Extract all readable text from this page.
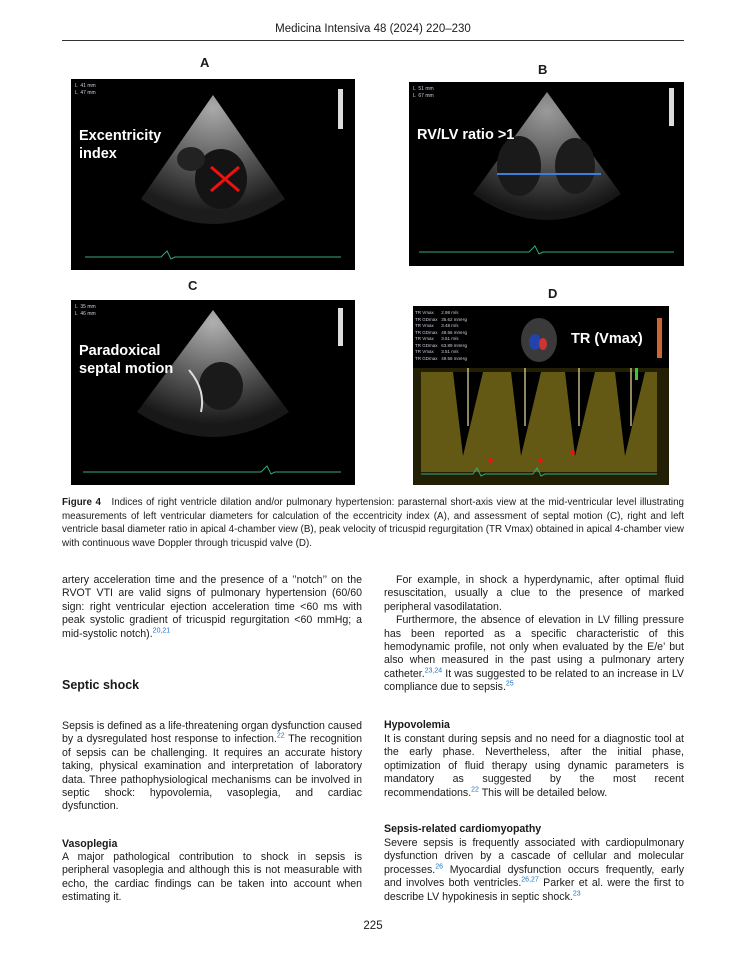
Medicina Intensiva 48 (2024) 220–230
A	B
C
D
L  41 mm
L  47 mm
Excentricity
index
L  51 mm
L  67 mm
RV/LV ratio >1
L  35 mm
L  46 mm
Paradoxical
septal motion
+	+
+
TR Vmax      2.98 m/s
TR GDmax   35.62 mmHg
TR Vmax      3.48 m/s
TR GDmax   48.56 mmHg
TR Vmax      3.51 m/s
TR GDmax   63.89 mmHg
TR Vmax      3.51 m/s
TR GDmax   49.56 mmHg
TR (Vmax)
Figure 4 Indices of right ventricle dilation and/or pulmonary hypertension: parasternal short-axis view at the mid-ventricular level illustrating measurements of left ventricular diameters for calculation of the eccentricity index (A), and assessment of septal motion (C), right and left ventricle basal diameter ratio in apical 4-chamber view (B), peak velocity of tricuspid regurgitation (TR Vmax) obtained in apical 4-chamber view with continuous wave Doppler through tricuspid valve (D).

artery acceleration time and the presence of a ’’notch’’ on the RVOT VTI are valid signs of pulmonary hypertension (60/60 sign: right ventricular ejection acceleration time <60 ms with peak systolic gradient of tricuspid regurgitation <60 mmHg; a mid-systolic notch).$^{20,21}$

Septic shock

Sepsis is defined as a life-threatening organ dysfunction caused by a dysregulated host response to infection.$^{22}$ The recognition of sepsis can be challenging. It requires an accurate history taking, physical examination and interpretation of laboratory data. Three pathophysiological mechanisms can be involved in septic shock: hypovolemia, vasoplegia, and cardiac dysfunction.

Vasoplegia

A major pathological contribution to shock in sepsis is peripheral vasoplegia and although this is not measurable with echo, the cardiac findings can be taken into account when estimating it.

For example, in shock a hyperdynamic, after optimal fluid resuscitation, usually a clue to the presence of marked peripheral vasodilatation.

Furthermore, the absence of elevation in LV filling pressure has been reported as a specific characteristic of this hemodynamic profile, not only when evaluated by the E/e’ but also when measured in the past using a pulmonary artery catheter.$^{23,24}$ It was suggested to be related to an increase in LV compliance due to sepsis.$^{25}$

Hypovolemia

It is constant during sepsis and no need for a diagnostic tool at the early phase. Nevertheless, after the initial phase, optimization of fluid therapy using dynamic parameters is mandatory as suggested by the most recent recommendations.$^{22}$ This will be detailed below.

Sepsis-related cardiomyopathy

Severe sepsis is frequently associated with cardiopulmonary dysfunction driven by a cascade of cellular and molecular processes.$^{26}$ Myocardial dysfunction occurs frequently, early and involves both ventricles.$^{26,27}$ Parker et al. were the first to describe LV hypokinesis in septic shock.$^{23}$

225
